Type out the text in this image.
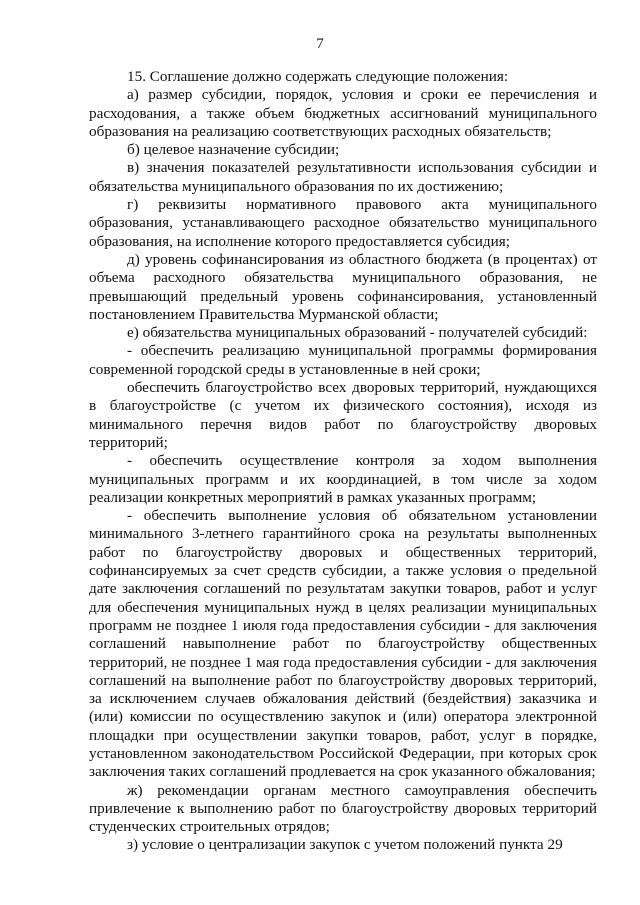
7

15. Соглашение должно содержать следующие положения:

а) размер субсидии, порядок, условия и сроки ее перечисления и расходования, а также объем бюджетных ассигнований муниципального образования на реализацию соответствующих расходных обязательств;

б) целевое назначение субсидии;

в) значения показателей результативности использования субсидии и обязательства муниципального образования по их достижению;

г) реквизиты нормативного правового акта муниципального образования, устанавливающего расходное обязательство муниципального образования, на исполнение которого предоставляется субсидия;

д) уровень софинансирования из областного бюджета (в процентах) от объема расходного обязательства муниципального образования, не превышающий предельный уровень софинансирования, установленный постановлением Правительства Мурманской области;

е) обязательства муниципальных образований - получателей субсидий:

- обеспечить реализацию муниципальной программы формирования современной городской среды в установленные в ней сроки;

обеспечить благоустройство всех дворовых территорий, нуждающихся в благоустройстве (с учетом их физического состояния), исходя из минимального перечня видов работ по благоустройству дворовых территорий;

- обеспечить осуществление контроля за ходом выполнения муниципальных программ и их координацией, в том числе за ходом реализации конкретных мероприятий в рамках указанных программ;

- обеспечить выполнение условия об обязательном установлении минимального 3-летнего гарантийного срока на результаты выполненных работ по благоустройству дворовых и общественных территорий, софинансируемых за счет средств субсидии, а также условия о предельной дате заключения соглашений по результатам закупки товаров, работ и услуг для обеспечения муниципальных нужд в целях реализации муниципальных программ не позднее 1 июля года предоставления субсидии - для заключения соглашений навыполнение работ по благоустройству общественных территорий, не позднее 1 мая года предоставления субсидии - для заключения соглашений на выполнение работ по благоустройству дворовых территорий, за исключением случаев обжалования действий (бездействия) заказчика и (или) комиссии по осуществлению закупок и (или) оператора электронной площадки при осуществлении закупки товаров, работ, услуг в порядке, установленном законодательством Российской Федерации, при которых срок заключения таких соглашений продлевается на срок указанного обжалования;

ж) рекомендации органам местного самоуправления обеспечить привлечение к выполнению работ по благоустройству дворовых территорий студенческих строительных отрядов;

з) условие о централизации закупок с учетом положений пункта 29
